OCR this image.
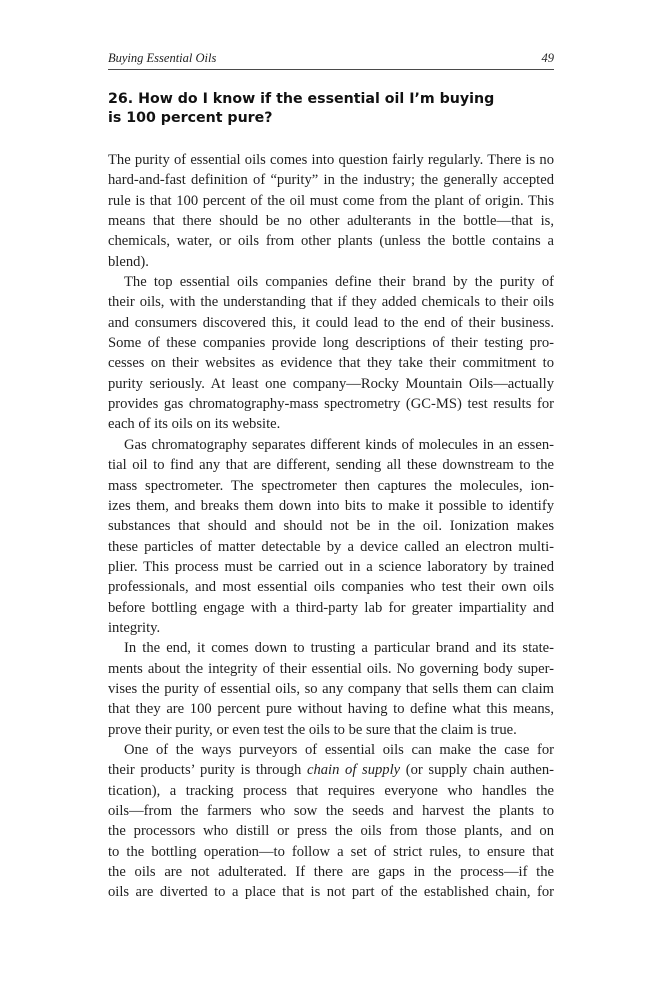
Buying Essential Oils	49
26. How do I know if the essential oil I’m buying
is 100 percent pure?

The purity of essential oils comes into question fairly regularly. There is no
hard-and-fast definition of “purity” in the industry; the generally accepted
rule is that 100 percent of the oil must come from the plant of origin. This
means that there should be no other adulterants in the bottle—that is,
chemicals, water, or oils from other plants (unless the bottle contains a
blend).

The top essential oils companies define their brand by the purity of
their oils, with the understanding that if they added chemicals to their oils
and consumers discovered this, it could lead to the end of their business.
Some of these companies provide long descriptions of their testing pro-
cesses on their websites as evidence that they take their commitment to
purity seriously. At least one company—Rocky Mountain Oils—actually
provides gas chromatography-mass spectrometry (GC-MS) test results for
each of its oils on its website.

Gas chromatography separates different kinds of molecules in an essen-
tial oil to find any that are different, sending all these downstream to the
mass spectrometer. The spectrometer then captures the molecules, ion-
izes them, and breaks them down into bits to make it possible to identify
substances that should and should not be in the oil. Ionization makes
these particles of matter detectable by a device called an electron multi-
plier. This process must be carried out in a science laboratory by trained
professionals, and most essential oils companies who test their own oils
before bottling engage with a third-party lab for greater impartiality and
integrity.

In the end, it comes down to trusting a particular brand and its state-
ments about the integrity of their essential oils. No governing body super-
vises the purity of essential oils, so any company that sells them can claim
that they are 100 percent pure without having to define what this means,
prove their purity, or even test the oils to be sure that the claim is true.

One of the ways purveyors of essential oils can make the case for
their products’ purity is through chain of supply (or supply chain authen-
tication), a tracking process that requires everyone who handles the
oils—from the farmers who sow the seeds and harvest the plants to
the processors who distill or press the oils from those plants, and on
to the bottling operation—to follow a set of strict rules, to ensure that
the oils are not adulterated. If there are gaps in the process—if the
oils are diverted to a place that is not part of the established chain, for
